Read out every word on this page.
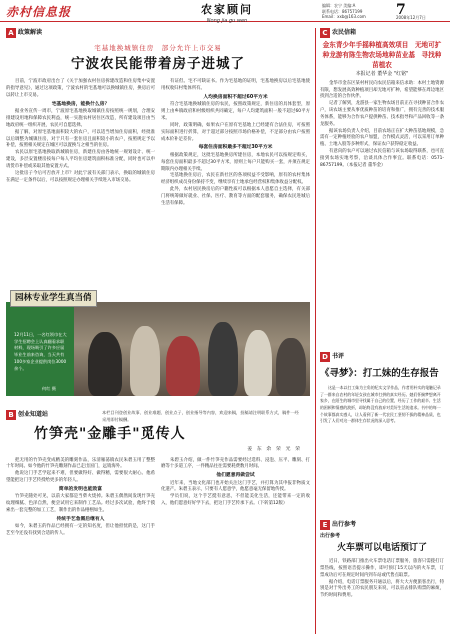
赤村信息报	农家顾问
Nong jia gu wen
编辑：农宁 美编:A
联系电话：86757199
Email：xxb@163.com 7
2008年12月7日
A 政策解读
宅基地换城镇住房　部分允许上市交易
宁波农民能带着房子进城了

目前，宁波市政府出台了《关于加强农村住房拆建改造和住房集中安置的指导意见》，通过这项政策，宁波农村的宅基地可以换城镇住房，换房后可以转让上市交易。

宅基地换房，能换什么房？

据业务宣传一周市，宁波原宅基地换取城镇住房按照统一规划，合理安排建设用地和保障农民利益，统一实施农村居住区改造，所有建设项目由当地政府统一组织开展，农民可自愿选择。

据了解，对原宅基地面积较大的农户，可以适当增加住房面积，经批准以后调整为城镇住房，对于只有一套住房且面积较小的农户，按照规定予以补偿，按照相关规定在城区可以置换与之相当的住房。

农民以原宅基地换取新城镇住房，新建住房由各地统一规划设计、统一建设，多层安置楼房按每户每人平均住房建筑面积标准分配，同时也可以申请货币补偿或采取其他安置方式。

这批房子今后可否放开上市？对此宁波有关部门表示，换取的城镇住房在满足一定条件以后，可以按照规定办理相关手续进入市场交易。

有证但。宅不可缺证书。作为宅基地的证明，宅基地换房以后宅基地使用权收归村集体所有。

人均换房面积不超过60平方米

符合宅基地换城镇住房的农民，按照政策规定，新住房的具体套型，原则上由乡镇政府和村级组织共同确定，每户人均建筑面积一般不超过60平方米。

同时，政策明确，如果农户在原有宅基地上已经建有合法住房，可按照实际面积进行折算，对于超过部分按照市场价格补偿，不足部分由农户按照成本价补足差价。

每套住房面积最多不超过30平方米

根据政策规定，这批宅基地换房所建住房，本地农民可以按规定购买，每套住房面积最多不超过30平方米，原则上每户只能购买一套，并须在规定期限内办理相关手续。

宅基地换住房后，农民在新社区的各项权益不受影响，原有的农村集体经济组织成员身份保持不变，继续享有土地承包经营权和集体收益分配权。

此外，农村居民换房后的户籍性质可以根据本人意愿自主选择，有关部门将统筹做好就业、社保、医疗、教育等方面的配套服务，确保农民进城后生活有保障。

12月11日，一名红领巾在大学生招聘会上认真翻看求职材料，现场吸引了许多应届毕业生前来咨询，当天共有100多家企业提供岗位3000余个。
何红 摄
园林专业学生真当俏
B 创业知道站	本栏目刊登创业故事、创业难题、创业点子，创业指导等内容，欢迎来稿，投稿请注明联系方式，稿件一经采用即付稿酬。
竹笋壳"金雕手"觅传人
姜　东　余　荣　光　荣

把无用的竹笋壳变成精美的雕刻作品，乐清雁荡镇农民朱碧玉用了整整十年时间。如今他的竹笋壳雕刻作品已走出国门，远销海外。

他说这门手艺学起来不难，但要做得好、做得精，需要很大耐心。他希望能把这门手艺传授给更多的年轻人。

简单的发明也能致富

竹笋壳随处可见，以前大家都是当柴火烧掉。朱碧玉偶然间发现竹笋壳纹理细腻、色泽自然，便尝试用它来制作工艺品。经过多次试验，他终于摸索出一套完整的加工工艺，制作出的作品栩栩如生。

传统手艺急需后继有人

如今，朱碧玉的作品已经拥有一定的知名度，但让他担忧的是，这门手艺至今还没有找到合适的传人。

朱碧玉介绍，做一件竹笋壳作品需要经过选料、浸泡、压平、雕刻、打磨等十多道工序，一件精品往往需要耗费数月时间。

他们愿意再做尝试

近年来，当地文化部门也开始关注这门手艺，并打算为其申报非物质文化遗产。朱碧玉表示，只要有人愿意学，他愿意毫无保留地传授。

学员们说，这个手艺挺有意思，不但能美化生活，还能带来一定的收入，他们愿意好好学下去，把这门手艺传承下去。（下转第12版）

C 农民信箱
金东青少年手摇种植高效项目　无地可扩种龙游有陈生物农场地种苗业基　寻找种苗植农
本报记者 董华金 "红铭"

金华市金东区某村村民向农民信箱来信求助：本村土地资源有限，想发展高效种植项目却无地可扩种，希望能够在周边地区找到合适的合作伙伴。

记者了解到，龙游县一家生物农场目前正在寻找种苗合作农户，该农场主要从事优质种苗的培育和推广，拥有完善的技术服务体系，能够为合作农户提供种苗、技术指导和产品回收等一条龙服务。

据该农场负责人介绍，目前农场正在扩大种苗基地规模，急需有一定种植经验的农户加盟，合作模式灵活，可以采用订单种植、土地入股等多种形式，保证农户获得稳定收益。

有意向的农户可以通过农民信箱与该农场取得联系，也可直接到农场实地考察，洽谈具体合作事宜。联系电话：0571-86757199。（本报记者 董华金）

D 书评
《寻梦》：打工妹的生存报告

这是一本以打工妹为主角的纪实文学作品，作者用朴实的笔触记录了一群来自农村的年轻女孩在城市打拼的真实经历。她们怀揣梦想离开家乡，在陌生的城市里寻找属于自己的位置，经历了工作的艰辛、生活的困顿和情感的波折，却始终没有放弃对美好生活的追求。书中的每一个故事都真实感人，让人看到了新一代农民工坚韧不拔的精神品质，也引发了人们对这一群体生存状况的深入思考。

E 出行参考
出行参考
火车票可以电话预订了

近日，铁路部门推出火车票电话订票服务，旅客只需拨打订票热线，按照语音提示操作，即可预订15天以内的火车票，订票成功后可在规定时间内到车站或代售点取票。

据介绍，电话订票服务开通以后，将大大方便旅客出行，特别是对于外出务工的农民朋友来说，可以省去排队购票的麻烦，节约时间和费用。
